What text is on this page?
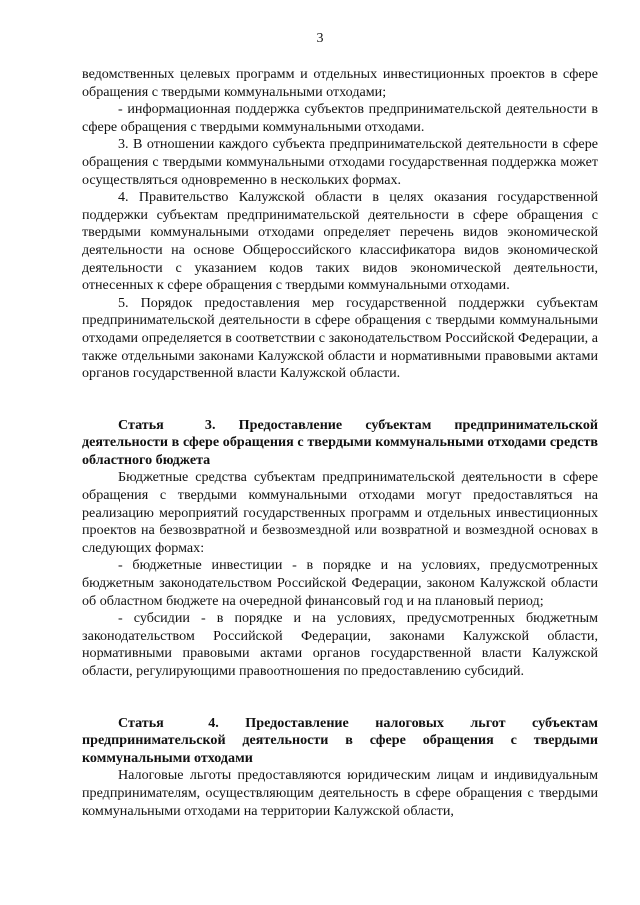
3

ведомственных целевых программ и отдельных инвестиционных проектов в сфере обращения с твердыми коммунальными отходами;

- информационная поддержка субъектов предпринимательской деятельности в сфере обращения с твердыми коммунальными отходами.

3. В отношении каждого субъекта предпринимательской деятельности в сфере обращения с твердыми коммунальными отходами государственная поддержка может осуществляться одновременно в нескольких формах.

4. Правительство Калужской области в целях оказания государственной поддержки субъектам предпринимательской деятельности в сфере обращения с твердыми коммунальными отходами определяет перечень видов экономической деятельности на основе Общероссийского классификатора видов экономической деятельности с указанием кодов таких видов экономической деятельности, отнесенных к сфере обращения с твердыми коммунальными отходами.

5. Порядок предоставления мер государственной поддержки субъектам предпринимательской деятельности в сфере обращения с твердыми коммунальными отходами определяется в соответствии с законодательством Российской Федерации, а также отдельными законами Калужской области и нормативными правовыми актами органов государственной власти Калужской области.

Статья 3. Предоставление субъектам предпринимательской деятельности в сфере обращения с твердыми коммунальными отходами средств областного бюджета

Бюджетные средства субъектам предпринимательской деятельности в сфере обращения с твердыми коммунальными отходами могут предоставляться на реализацию мероприятий государственных программ и отдельных инвестиционных проектов на безвозвратной и безвозмездной или возвратной и возмездной основах в следующих формах:

- бюджетные инвестиции - в порядке и на условиях, предусмотренных бюджетным законодательством Российской Федерации, законом Калужской области об областном бюджете на очередной финансовый год и на плановый период;

- субсидии - в порядке и на условиях, предусмотренных бюджетным законодательством Российской Федерации, законами Калужской области, нормативными правовыми актами органов государственной власти Калужской области, регулирующими правоотношения по предоставлению субсидий.

Статья 4. Предоставление налоговых льгот субъектам предпринимательской деятельности в сфере обращения с твердыми коммунальными отходами

Налоговые льготы предоставляются юридическим лицам и индивидуальным предпринимателям, осуществляющим деятельность в сфере обращения с твердыми коммунальными отходами на территории Калужской области,
